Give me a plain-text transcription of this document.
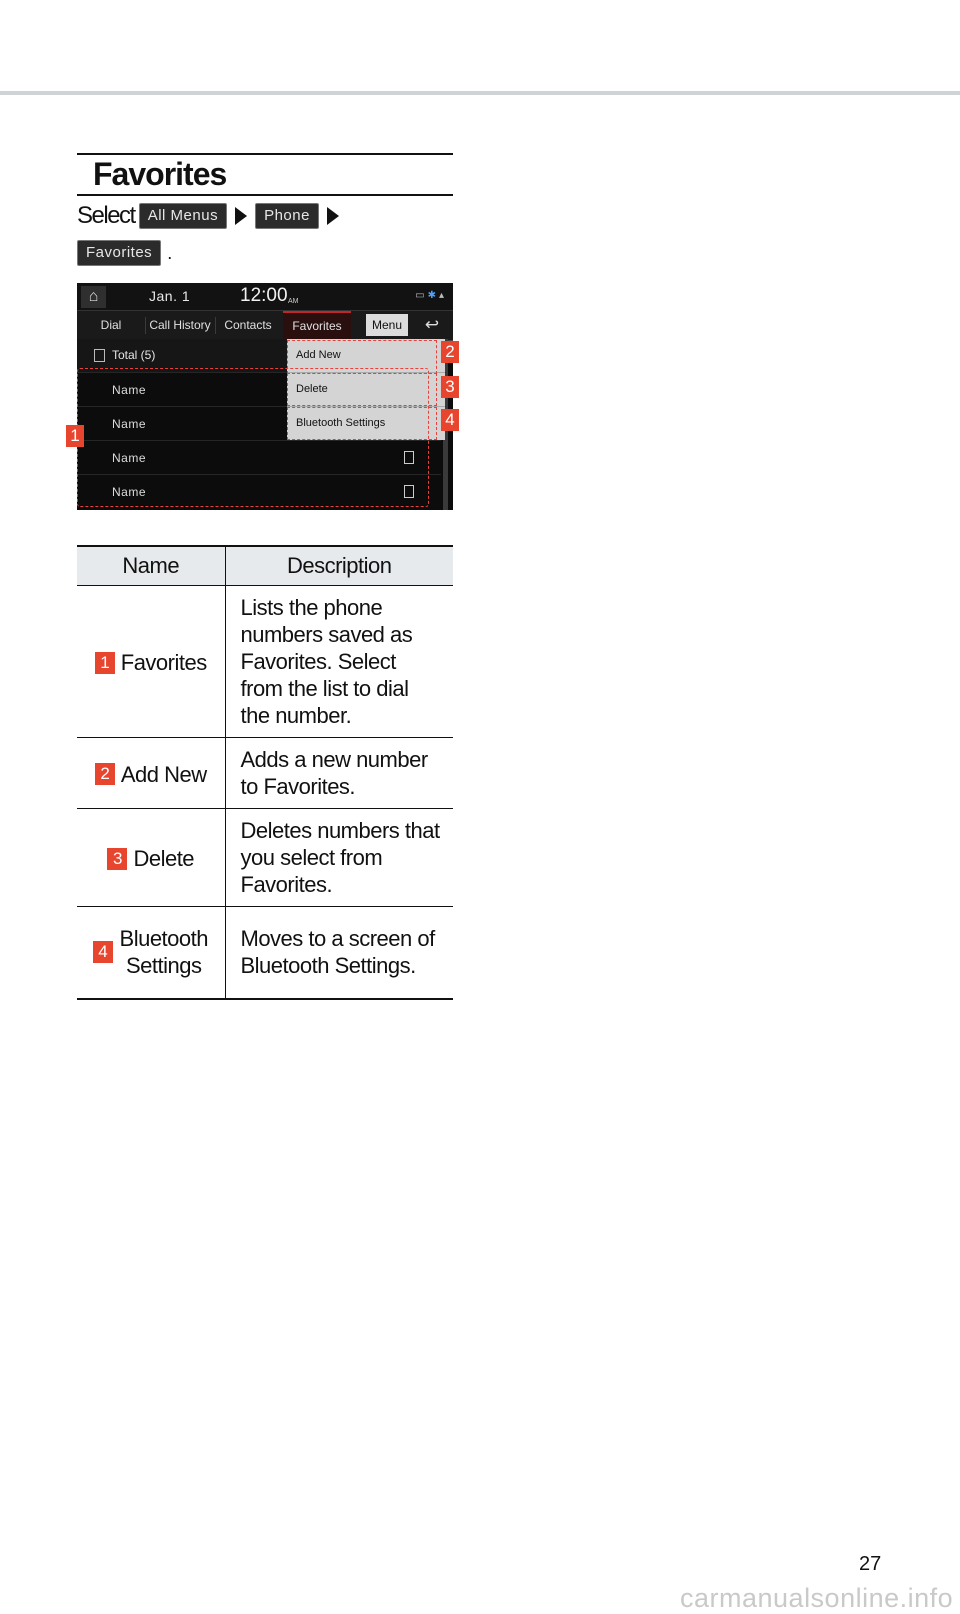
Favorites
Select All Menus	Phone
Favorites .
⌂	Jan. 1	12:00 AM
▭✱▴
Dial	Call History	Contacts	Favorites	Menu	↩
Total (5)
Name
Name
Name
Name
Add New
Delete
Bluetooth Settings
1
2
3
4
Name	Description

1 Favorites	Lists the phone numbers saved as Favorites. Select from the list to dial the number.

2 Add New	Adds a new number to Favorites.

3 Delete	Deletes numbers that you select from Favorites.

4
Bluetooth Settings	Moves to a screen of Bluetooth Settings.
27
carmanualsonline.info
